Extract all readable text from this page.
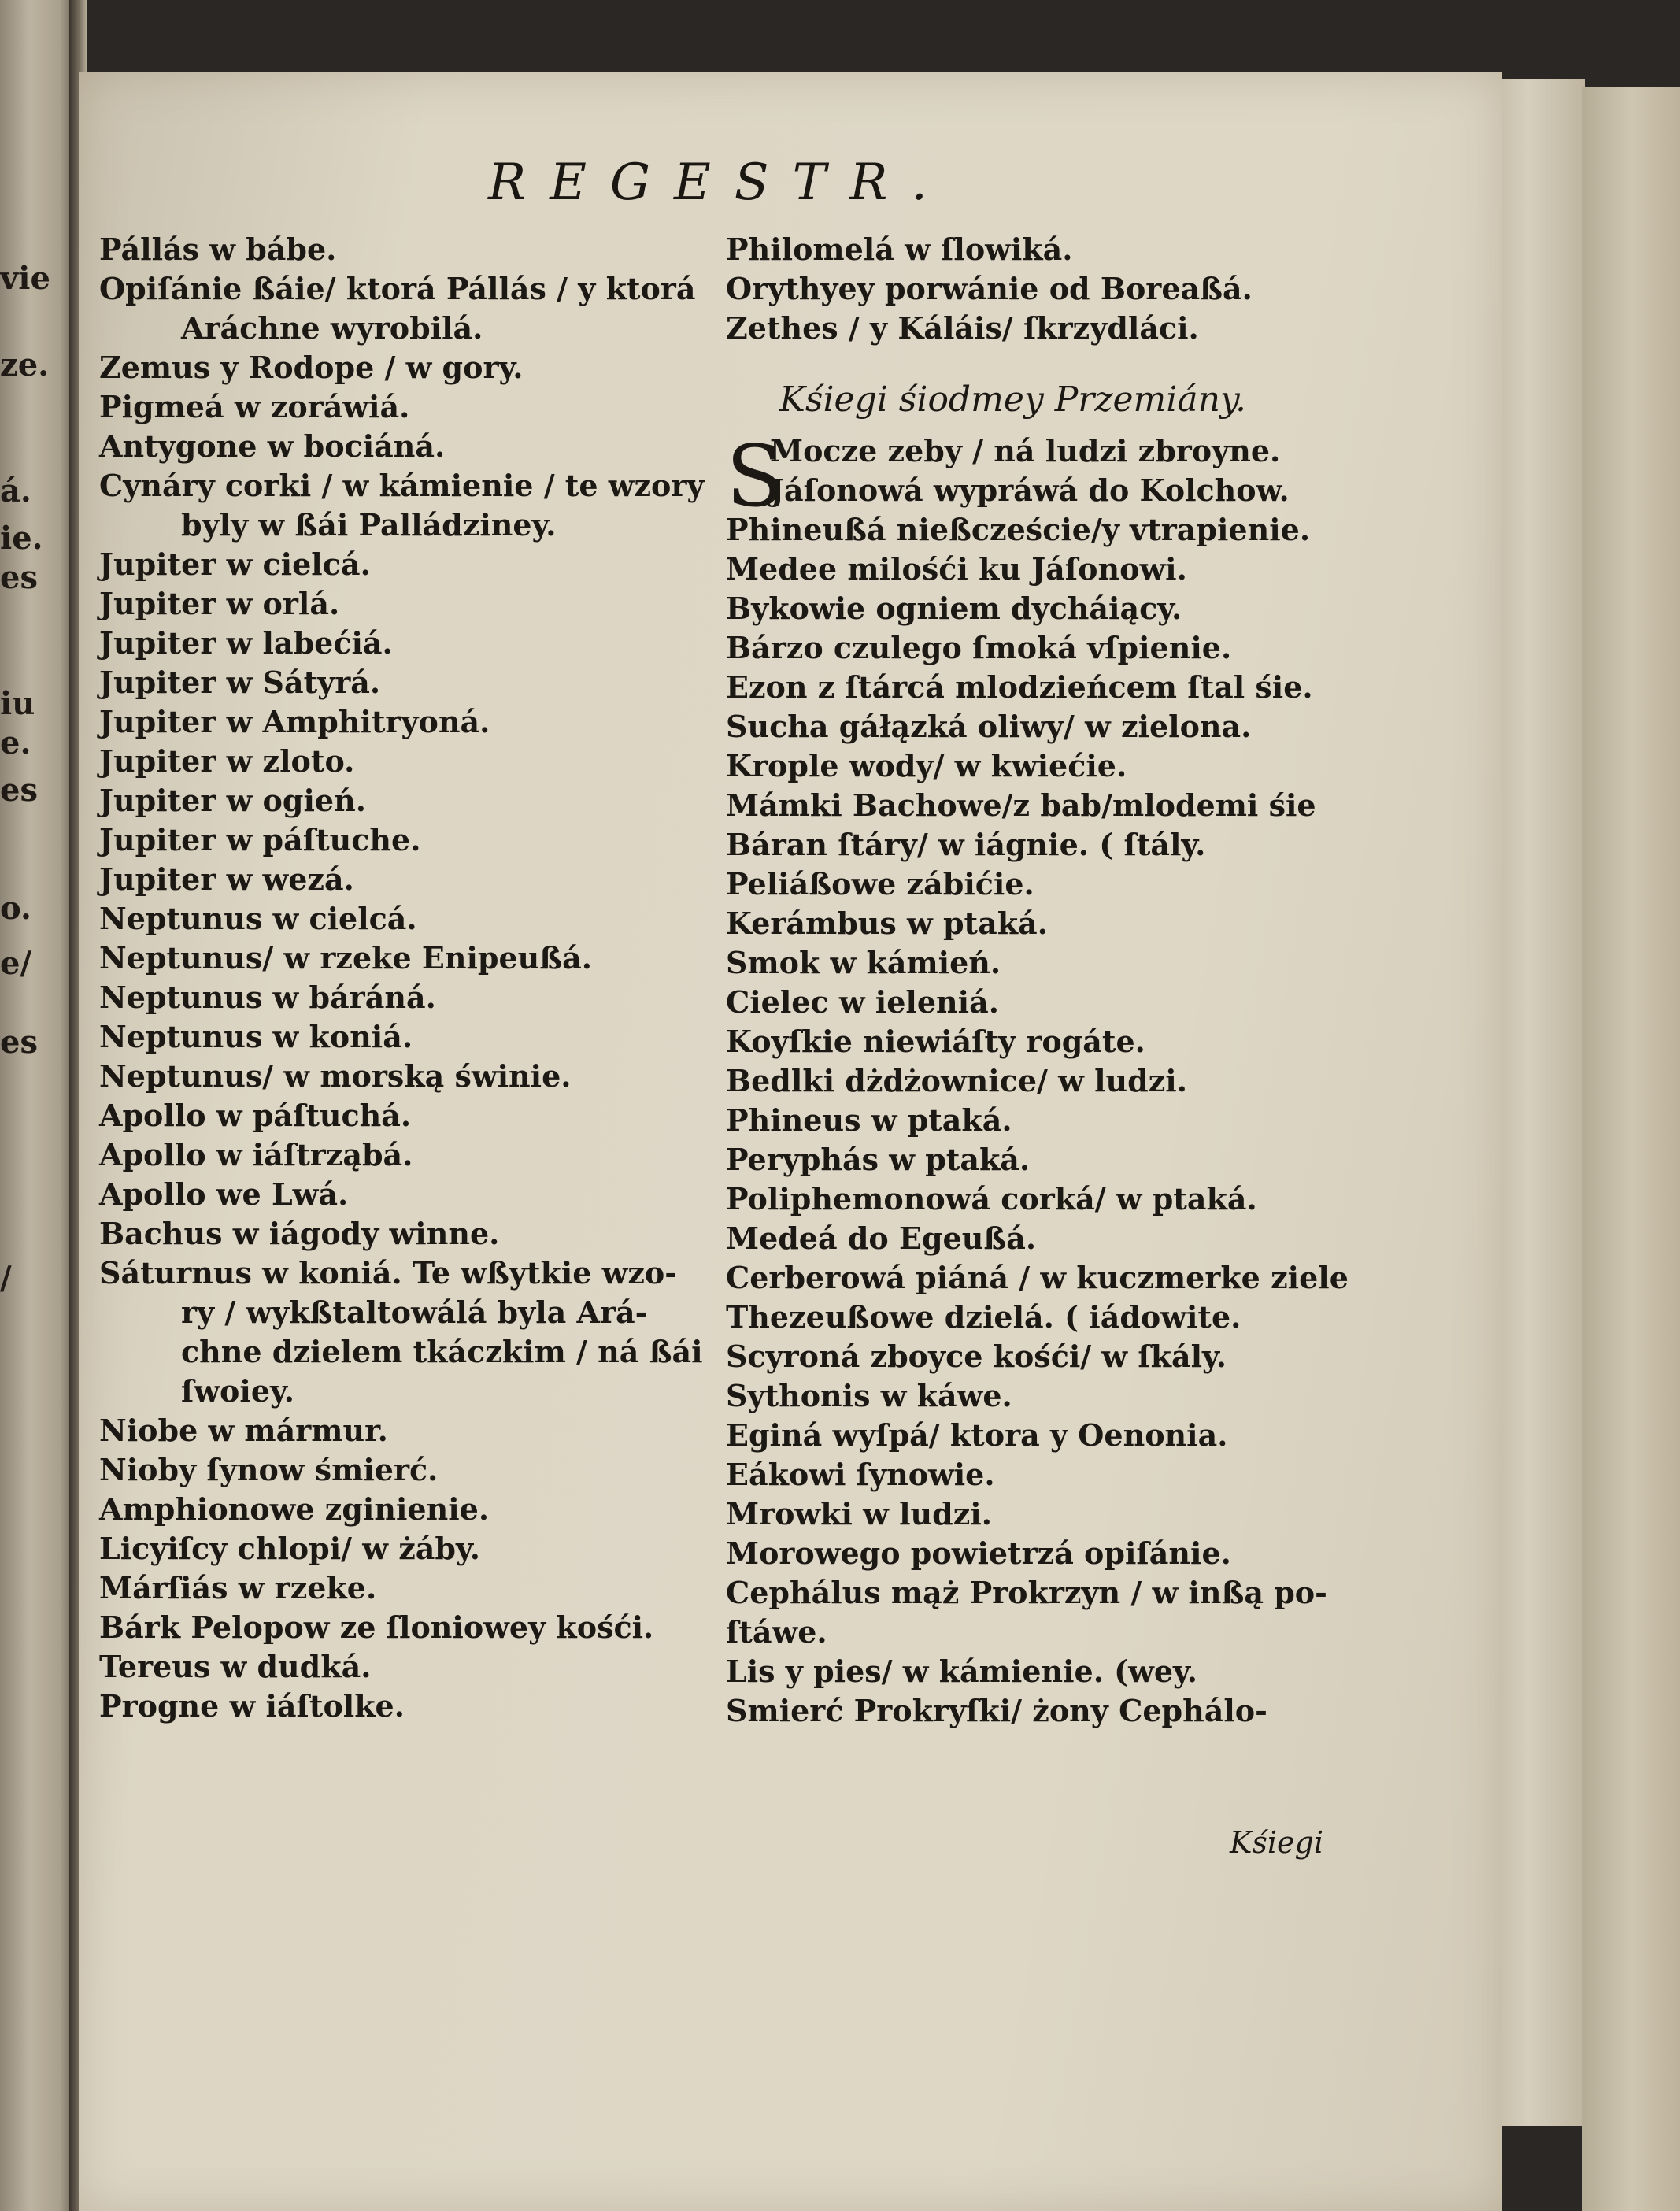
vie
ze.
á.
ie.
es
iu
e.
es
o.
e/
es
/
REGESTR.
Pállás w bábe.
Opiſánie ßáie/ ktorá Pállás / y ktorá
Aráchne wyrobilá.
Zemus y Rodope / w gory.
Pigmeá w zoráwiá.
Antygone w bociáná.
Cynáry corki / w kámienie / te wzory
byly w ßái Palládziney.
Jupiter w cielcá.
Jupiter w orlá.
Jupiter w labećiá.
Jupiter w Sátyrá.
Jupiter w Amphitryoná.
Jupiter w zloto.
Jupiter w ogień.
Jupiter w páſtuche.
Jupiter w wezá.
Neptunus w cielcá.
Neptunus/ w rzeke Enipeußá.
Neptunus w báráná.
Neptunus w koniá.
Neptunus/ w morską świnie.
Apollo w páſtuchá.
Apollo w iáſtrząbá.
Apollo we Lwá.
Bachus w iágody winne.
Sáturnus w koniá. Te wßytkie wzo-
ry / wykßtaltowálá byla Ará-
chne dzielem tkáczkim / ná ßái
ſwoiey.
Niobe w mármur.
Nioby ſynow śmierć.
Amphionowe zginienie.
Licyiſcy chlopi/ w żáby.
Márſiás w rzeke.
Bárk Pelopow ze ſloniowey kośći.
Tereus w dudká.
Progne w iáſtolke.
Philomelá w ſlowiká.
Orythyey porwánie od Boreaßá.
Zethes / y Káláis/ ſkrzydláci.
Kśiegi śiodmey Przemiány.
S
Mocze zeby / ná ludzi zbroyne.
Jáſonowá wypráwá do Kolchow.
Phineußá nießczeście/y vtrapienie.
Medee milośći ku Jáſonowi.
Bykowie ogniem dycháiący.
Bárzo czulego ſmoká vſpienie.
Ezon z ſtárcá mlodzieńcem ſtal śie.
Sucha gáłązká oliwy/ w zielona.
Krople wody/ w kwiećie.
Mámki Bachowe/z bab/mlodemi śie
Báran ſtáry/ w iágnie. ( ſtály.
Peliáßowe zábićie.
Kerámbus w ptaká.
Smok w kámień.
Cielec w ieleniá.
Koyſkie niewiáſty rogáte.
Bedlki dżdżownice/ w ludzi.
Phineus w ptaká.
Peryphás w ptaká.
Poliphemonowá corká/ w ptaká.
Medeá do Egeußá.
Cerberowá piáná / w kuczmerke ziele
Thezeußowe dzielá. ( iádowite.
Scyroná zboyce kośći/ w ſkály.
Sythonis w káwe.
Eginá wyſpá/ ktora y Oenonia.
Eákowi ſynowie.
Mrowki w ludzi.
Morowego powietrzá opiſánie.
Cephálus mąż Prokrzyn / w inßą po-
ſtáwe.
Lis y pies/ w kámienie. (wey.
Smierć Prokryſki/ żony Cephálo-
Kśiegi
